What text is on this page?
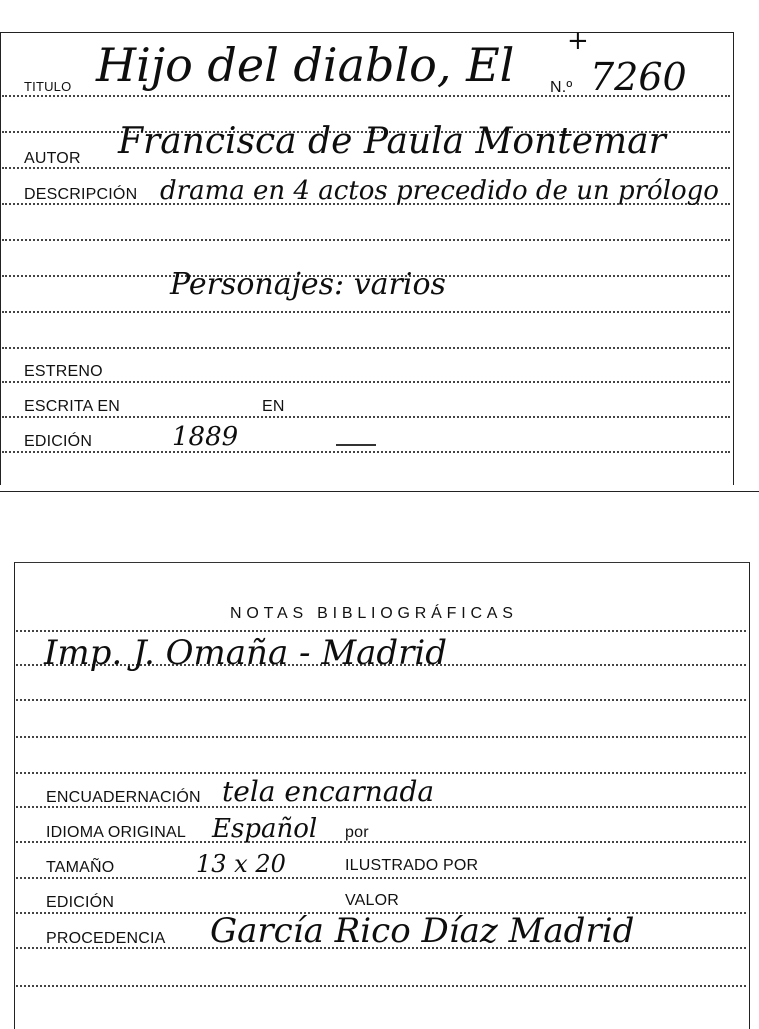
TITULO Hijo del diablo, El +
N.º 7260
AUTOR Francisca de Paula Montemar
DESCRIPCIÓN drama en 4 actos precedido de un prólogo
Personajes: varios
ESTRENO
ESCRITA EN	EN
EDICIÓN	1889
NOTAS BIBLIOGRÁFICAS
Imp. J. Omaña - Madrid
ENCUADERNACIÓN tela encarnada
IDIOMA ORIGINAL Español por
TAMAÑO	13 x 20	ILUSTRADO POR
EDICIÓN	VALOR
PROCEDENCIA García Rico Díaz Madrid
